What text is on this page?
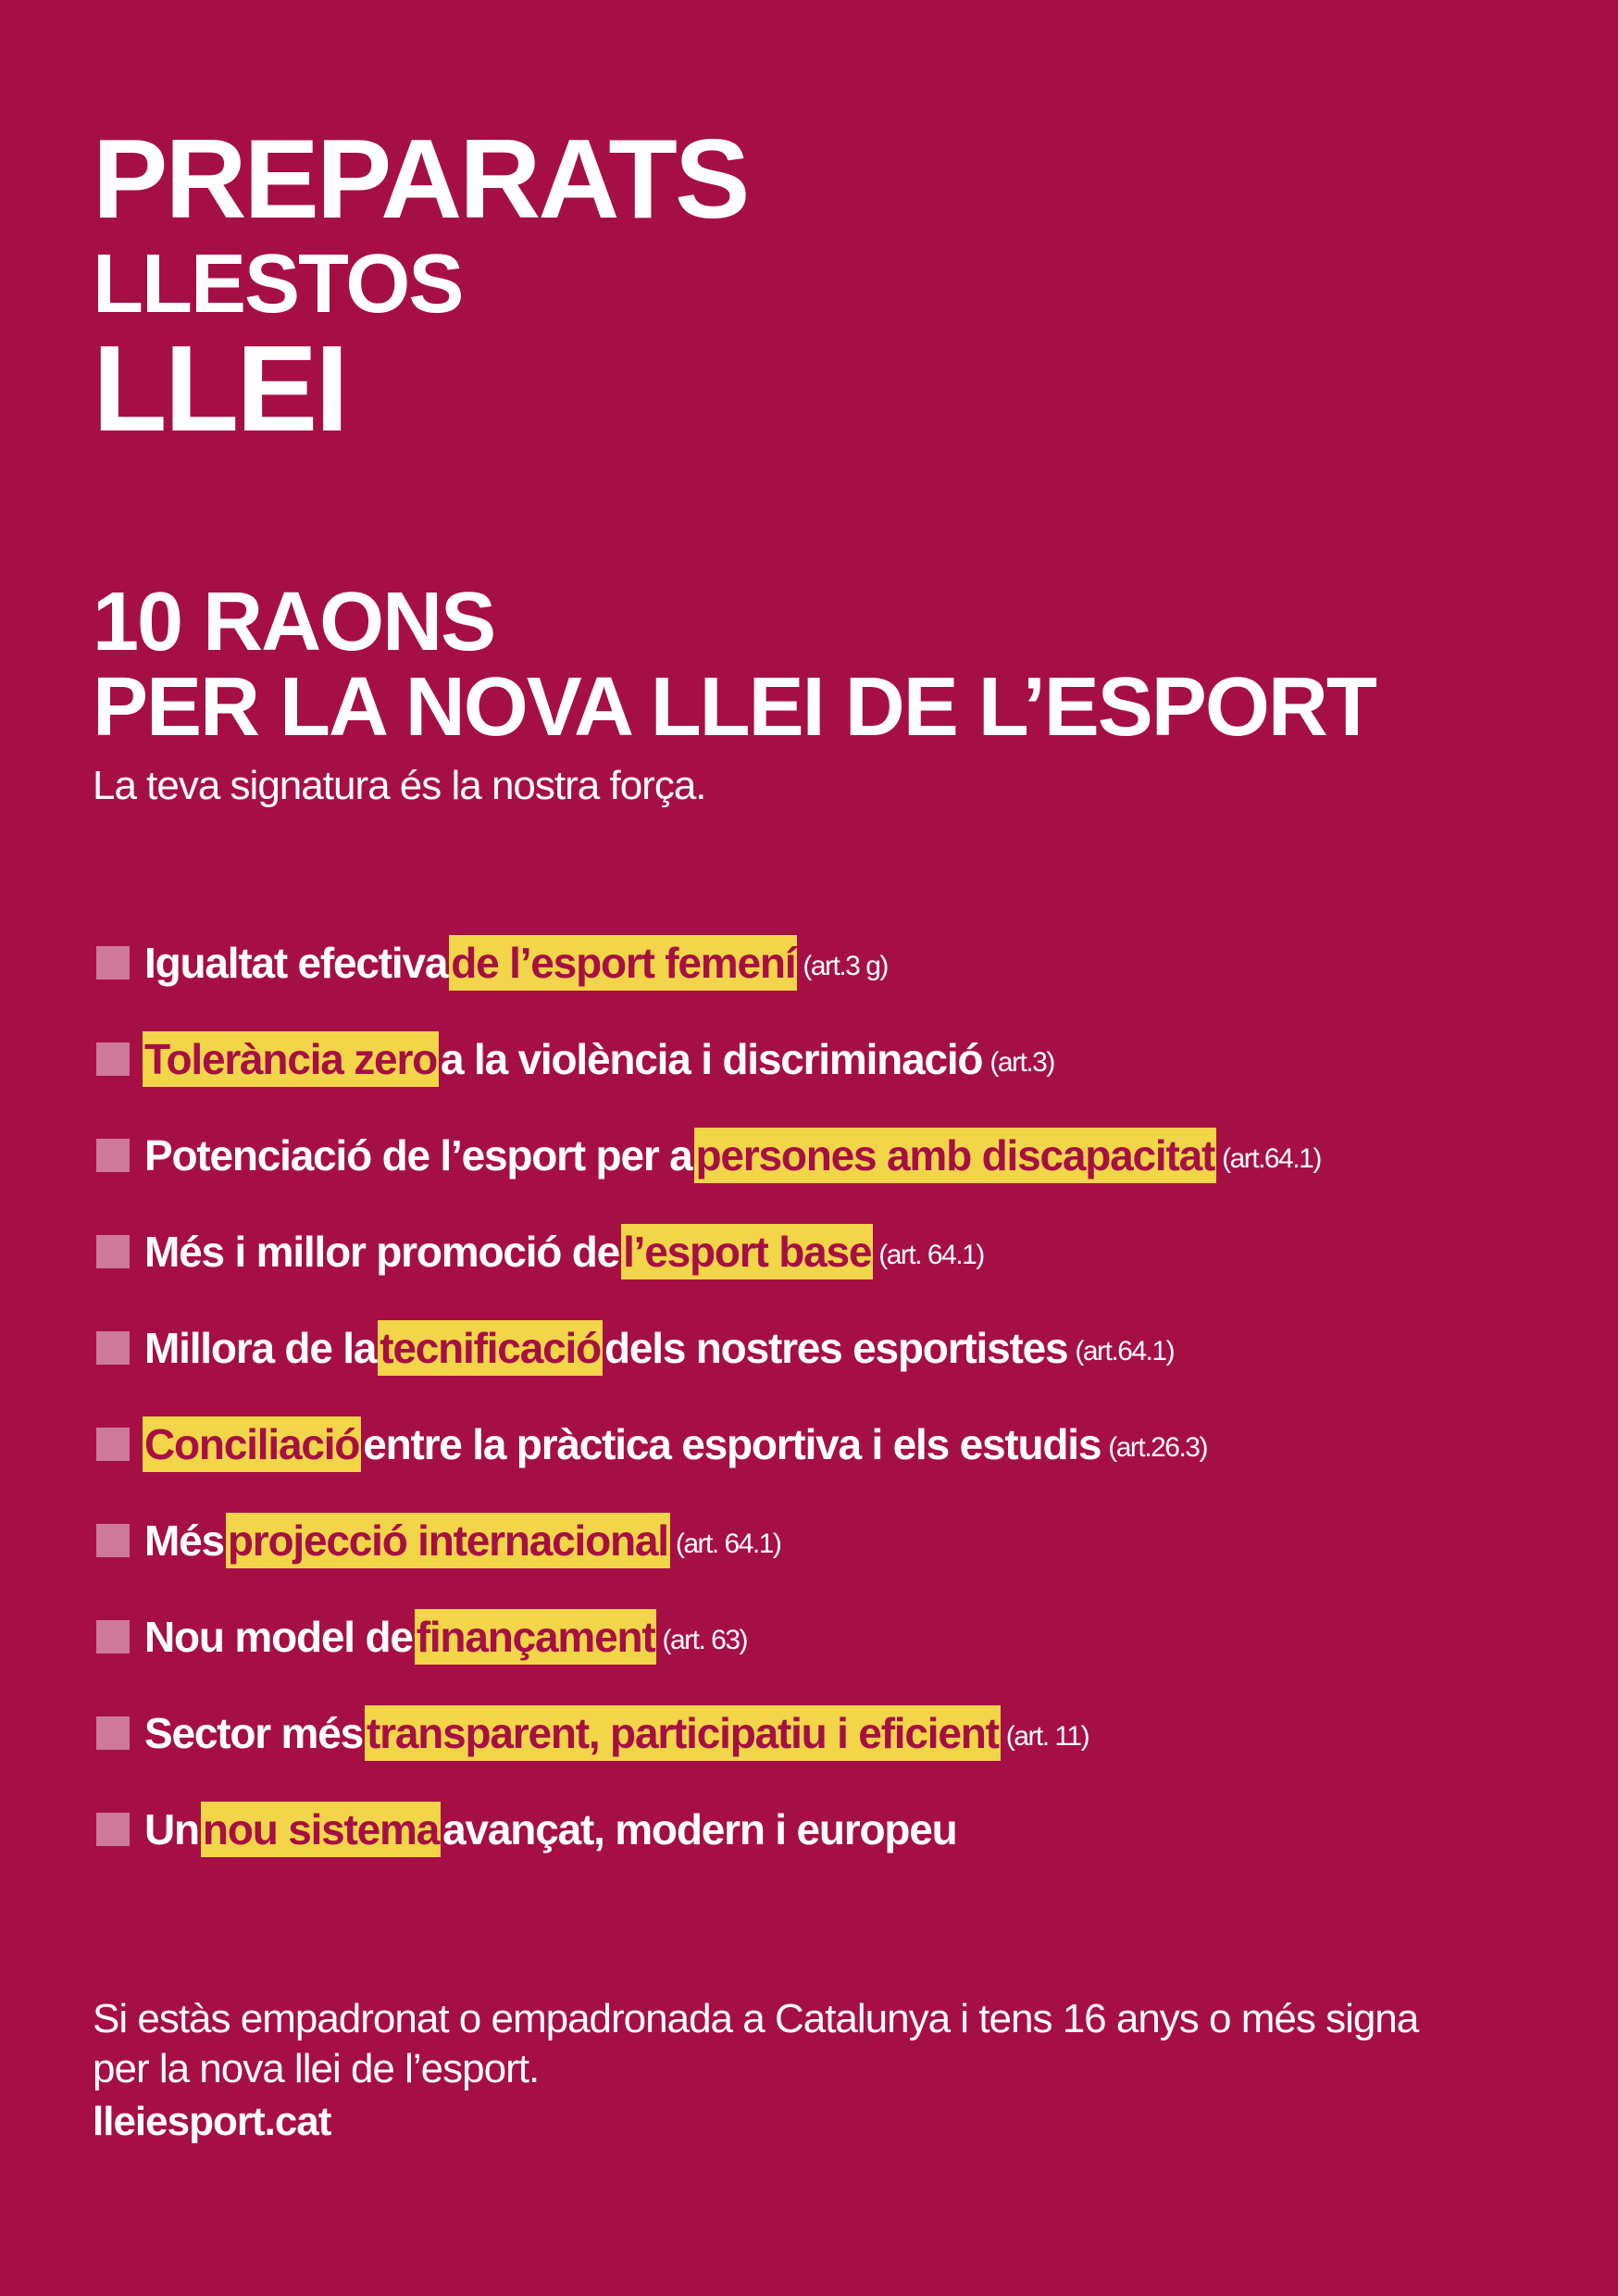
PREPARATS
LLESTOS
LLEI
10 RAONS
PER LA NOVA LLEI DE L’ESPORT
La teva signatura és la nostra força.
Igualtat efectiva de l’esport femení (art.3 g)
Tolerància zero a la violència i discriminació (art.3)
Potenciació de l’esport per a persones amb discapacitat (art.64.1)
Més i millor promoció de l’esport base (art. 64.1)
Millora de la tecnificació dels nostres esportistes (art.64.1)
Conciliació entre la pràctica esportiva i els estudis (art.26.3)
Més projecció internacional (art. 64.1)
Nou model de finançament (art. 63)
Sector més transparent, participatiu i eficient (art. 11)
Un nou sistema avançat, modern i europeu
Si estàs empadronat o empadronada a Catalunya i tens 16 anys o més signa
per la nova llei de l’esport.
lleiesport.cat
